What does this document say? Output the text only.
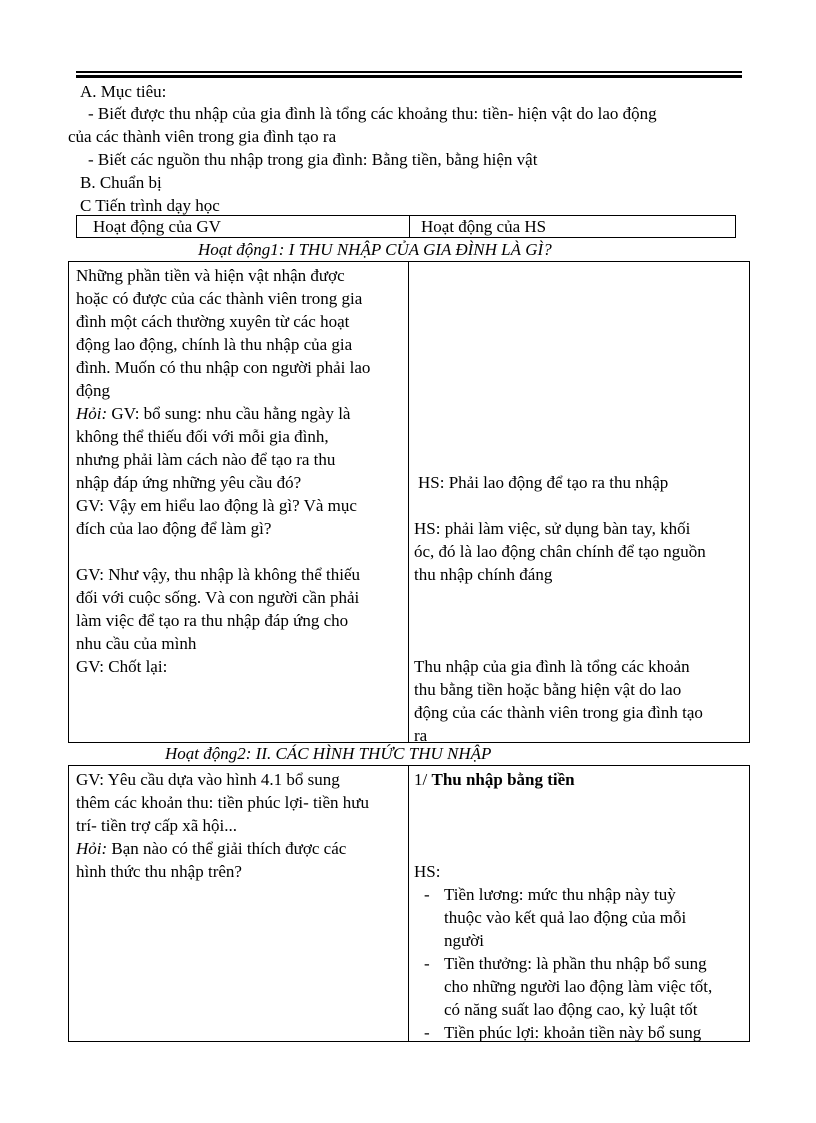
A. Mục tiêu:
- Biết được thu nhập của gia đình là tổng các khoảng thu: tiền- hiện vật do lao động
của các thành viên trong gia đình tạo ra
- Biết các nguồn thu nhập trong gia đình: Bằng tiền, bằng hiện vật
B. Chuẩn bị
C Tiến trình dạy học
Hoạt động của GV	Hoạt động của HS
Hoạt động1: I THU NHẬP CỦA GIA ĐÌNH LÀ GÌ?
Những phần tiền và hiện vật nhận được
hoặc có được của các thành viên trong gia
đình một cách thường xuyên từ các hoạt
động lao động, chính là thu nhập của gia
đình. Muốn có thu nhập con người phải lao
động
Hỏi: GV: bổ sung: nhu cầu hằng ngày là
không thể thiếu đối với mỗi gia đình,
nhưng phải làm cách nào để tạo ra thu
nhập đáp ứng những yêu cầu đó?
GV: Vậy em hiểu lao động là gì? Và mục
đích của lao động để làm gì?
GV: Như vậy, thu nhập là không thể thiếu
đối với cuộc sống. Và con người cần phải
làm việc để tạo ra thu nhập đáp ứng cho
nhu cầu của mình
GV: Chốt lại:
HS: Phải lao động để tạo ra thu nhập
HS: phải làm việc, sử dụng bàn tay, khối
óc, đó là lao động chân chính để tạo nguồn
thu nhập chính đáng
Thu nhập của gia đình là tổng các khoản
thu bằng tiền hoặc bằng hiện vật do lao
động của các thành viên trong gia đình tạo
ra
Hoạt động2: II. CÁC HÌNH THỨC THU NHẬP
GV: Yêu cầu dựa vào hình 4.1 bổ sung
thêm các khoản thu: tiền phúc lợi- tiền hưu
trí- tiền trợ cấp xã hội...
Hỏi: Bạn nào có thể giải thích được các
hình thức thu nhập trên?
1/ Thu nhập bằng tiền
HS:
- Tiền lương: mức thu nhập này tuỳ
thuộc vào kết quả lao động của mỗi
người
- Tiền thưởng: là phần thu nhập bổ sung
cho những người lao động làm việc tốt,
có năng suất lao động cao, kỷ luật tốt
- Tiền phúc lợi: khoản tiền này bổ sung
